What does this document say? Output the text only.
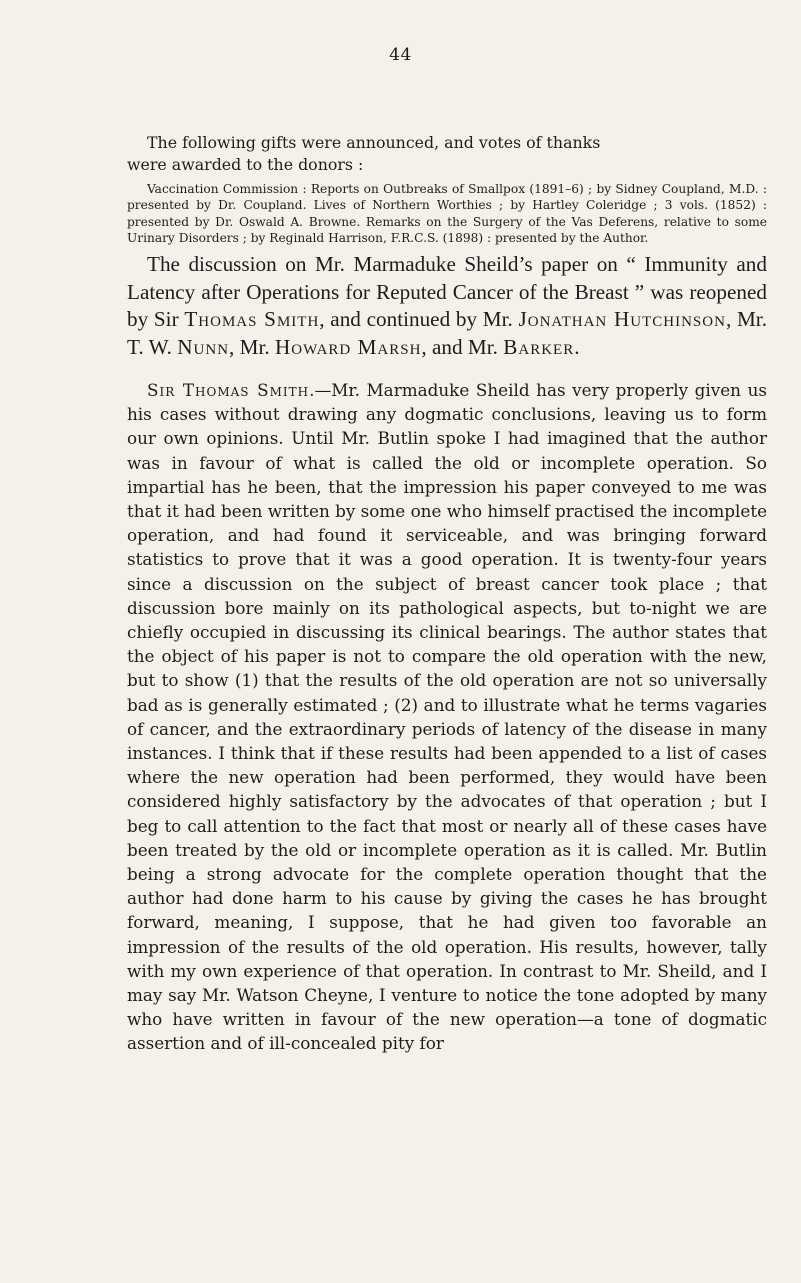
44
The following gifts were announced, and votes of thanks
were awarded to the donors :

Vaccination Commission : Reports on Outbreaks of Smallpox (1891–6) ; by Sidney Coupland, M.D. : presented by Dr. Coupland. Lives of Northern Worthies ; by Hartley Coleridge ; 3 vols. (1852) : presented by Dr. Oswald A. Browne. Remarks on the Surgery of the Vas Deferens, relative to some Urinary Disorders ; by Reginald Harrison, F.R.C.S. (1898) : presented by the Author.

The discussion on Mr. Marmaduke Sheild’s paper on “ Immunity and Latency after Operations for Reputed Cancer of the Breast ” was reopened by Sir Thomas Smith, and continued by Mr. Jonathan Hutchinson, Mr. T. W. Nunn, Mr. Howard Marsh, and Mr. Barker.

Sir Thomas Smith.—Mr. Marmaduke Sheild has very properly given us his cases without drawing any dogmatic conclusions, leaving us to form our own opinions. Until Mr. Butlin spoke I had imagined that the author was in favour of what is called the old or incomplete operation. So impartial has he been, that the impression his paper conveyed to me was that it had been written by some one who himself practised the incomplete operation, and had found it serviceable, and was bringing forward statistics to prove that it was a good operation. It is twenty-four years since a discussion on the subject of breast cancer took place ; that discussion bore mainly on its pathological aspects, but to-night we are chiefly occupied in discussing its clinical bearings. The author states that the object of his paper is not to compare the old operation with the new, but to show (1) that the results of the old operation are not so universally bad as is generally estimated ; (2) and to illustrate what he terms vagaries of cancer, and the extraordinary periods of latency of the disease in many instances. I think that if these results had been appended to a list of cases where the new operation had been performed, they would have been considered highly satisfactory by the advocates of that operation ; but I beg to call attention to the fact that most or nearly all of these cases have been treated by the old or incomplete operation as it is called. Mr. Butlin being a strong advocate for the complete operation thought that the author had done harm to his cause by giving the cases he has brought forward, meaning, I suppose, that he had given too favorable an impression of the results of the old operation. His results, however, tally with my own experience of that operation. In contrast to Mr. Sheild, and I may say Mr. Watson Cheyne, I venture to notice the tone adopted by many who have written in favour of the new operation—a tone of dogmatic assertion and of ill-concealed pity for
